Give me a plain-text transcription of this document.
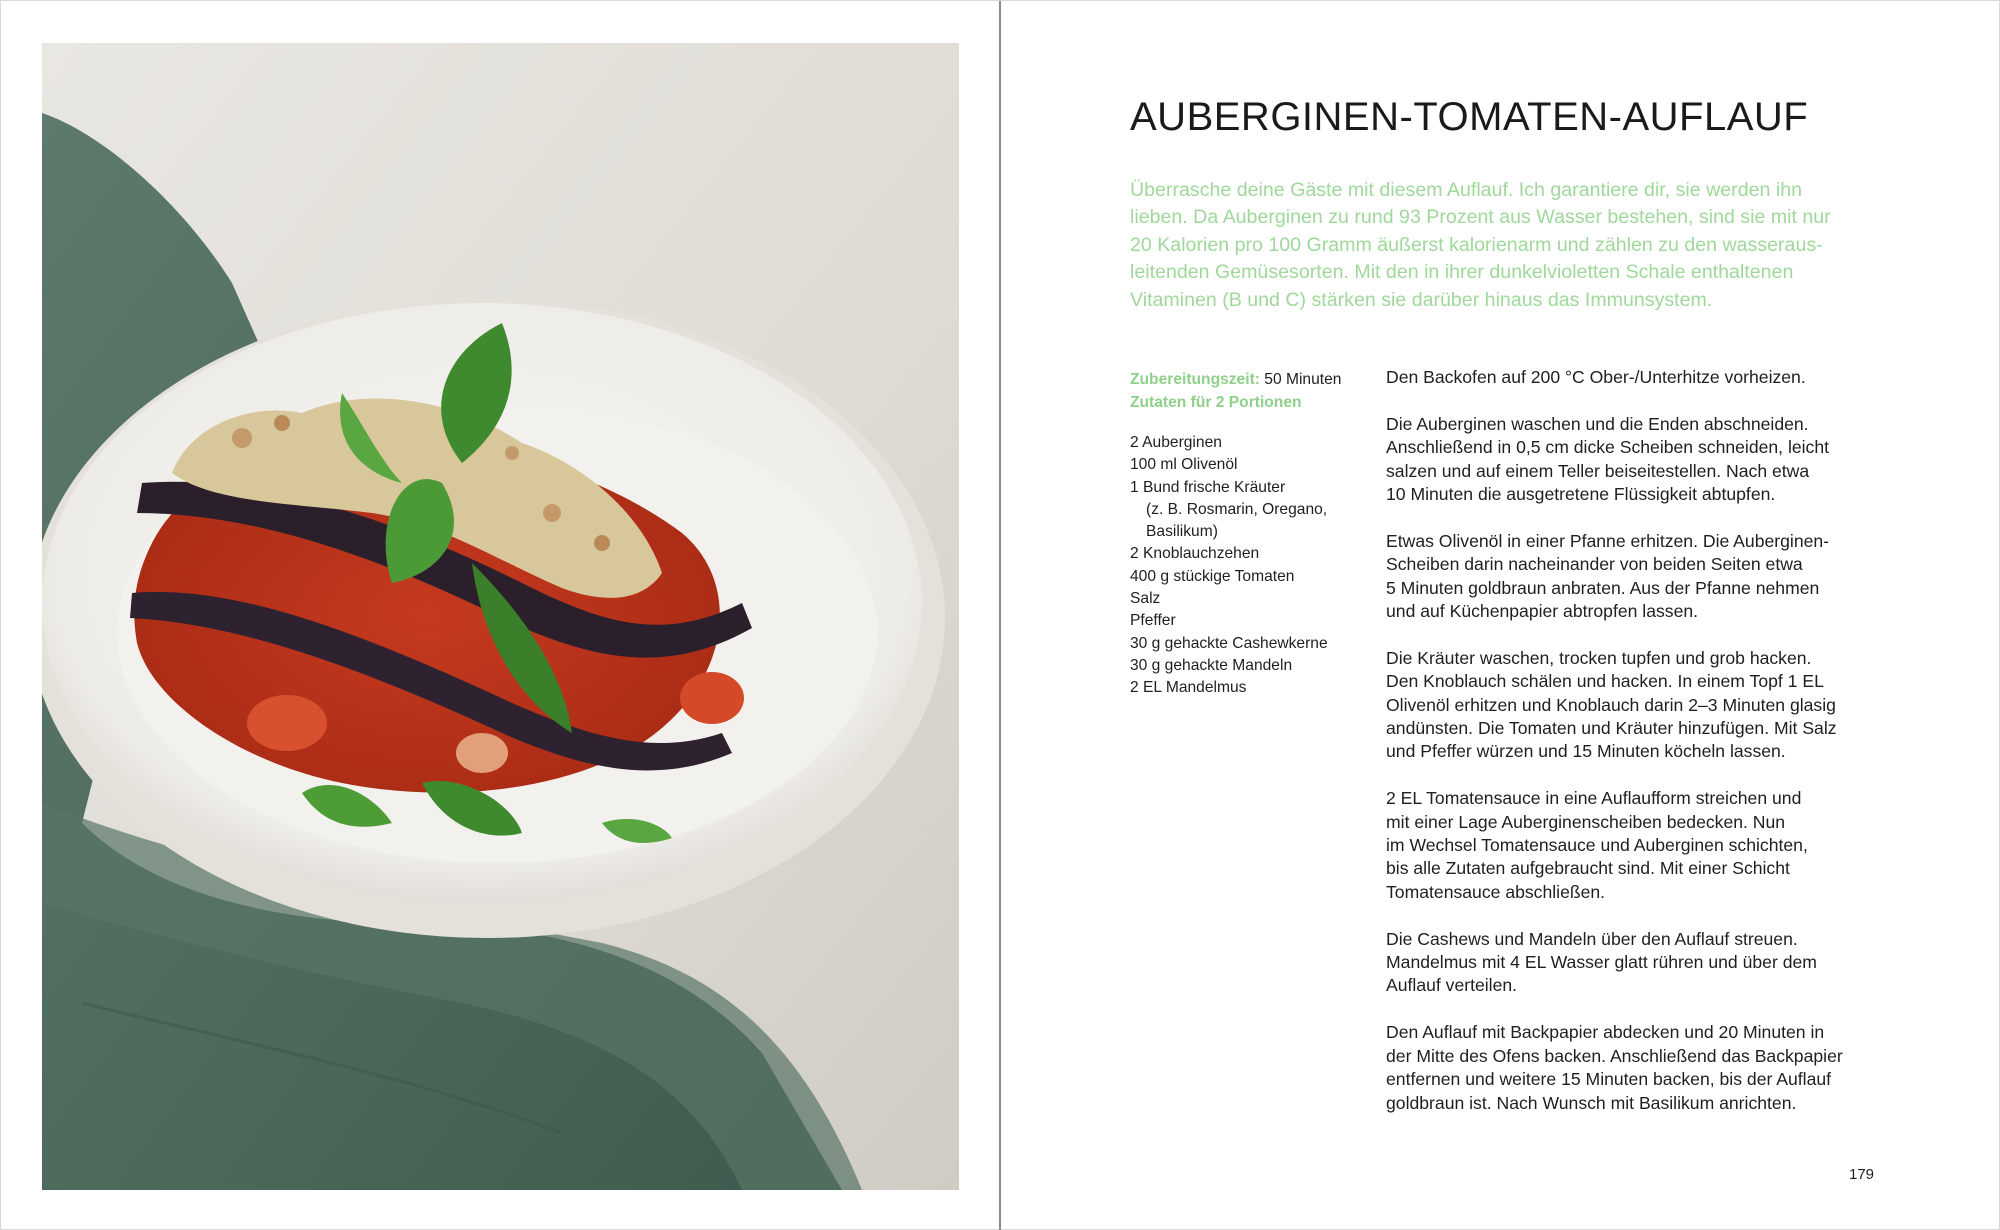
AUBERGINEN-TOMATEN-AUFLAUF

Überrasche deine Gäste mit diesem Auflauf. Ich garantiere dir, sie werden ihn

lieben. Da Auberginen zu rund 93 Prozent aus Wasser bestehen, sind sie mit nur

20 Kalorien pro 100 Gramm äußerst kalorienarm und zählen zu den wasseraus-

leitenden Gemüsesorten. Mit den in ihrer dunkelvioletten Schale enthaltenen

Vitaminen (B und C) stärken sie darüber hinaus das Immunsystem.

Zubereitungszeit: 50 Minuten
Zutaten für 2 Portionen
2 Auberginen
100 ml Olivenöl
1 Bund frische Kräuter
(z. B. Rosmarin, Oregano,
Basilikum)
2 Knoblauchzehen
400 g stückige Tomaten
Salz
Pfeffer
30 g gehackte Cashewkerne
30 g gehackte Mandeln
2 EL Mandelmus

Den Backofen auf 200 °C Ober-/Unterhitze vorheizen.

Die Auberginen waschen und die Enden abschneiden.
Anschließend in 0,5 cm dicke Scheiben schneiden, leicht
salzen und auf einem Teller beiseitestellen. Nach etwa
10 Minuten die ausgetretene Flüssigkeit abtupfen.

Etwas Olivenöl in einer Pfanne erhitzen. Die Auberginen-
Scheiben darin nacheinander von beiden Seiten etwa
5 Minuten goldbraun anbraten. Aus der Pfanne nehmen
und auf Küchenpapier abtropfen lassen.

Die Kräuter waschen, trocken tupfen und grob hacken.
Den Knoblauch schälen und hacken. In einem Topf 1 EL
Olivenöl erhitzen und Knoblauch darin 2–3 Minuten glasig
andünsten. Die Tomaten und Kräuter hinzufügen. Mit Salz
und Pfeffer würzen und 15 Minuten köcheln lassen.

2 EL Tomatensauce in eine Auflaufform streichen und
mit einer Lage Auberginenscheiben bedecken. Nun
im Wechsel Tomatensauce und Auberginen schichten,
bis alle Zutaten aufgebraucht sind. Mit einer Schicht
Tomatensauce abschließen.

Die Cashews und Mandeln über den Auflauf streuen.
Mandelmus mit 4 EL Wasser glatt rühren und über dem
Auflauf verteilen.

Den Auflauf mit Backpapier abdecken und 20 Minuten in
der Mitte des Ofens backen. Anschließend das Backpapier
entfernen und weitere 15 Minuten backen, bis der Auflauf
goldbraun ist. Nach Wunsch mit Basilikum anrichten.

179
